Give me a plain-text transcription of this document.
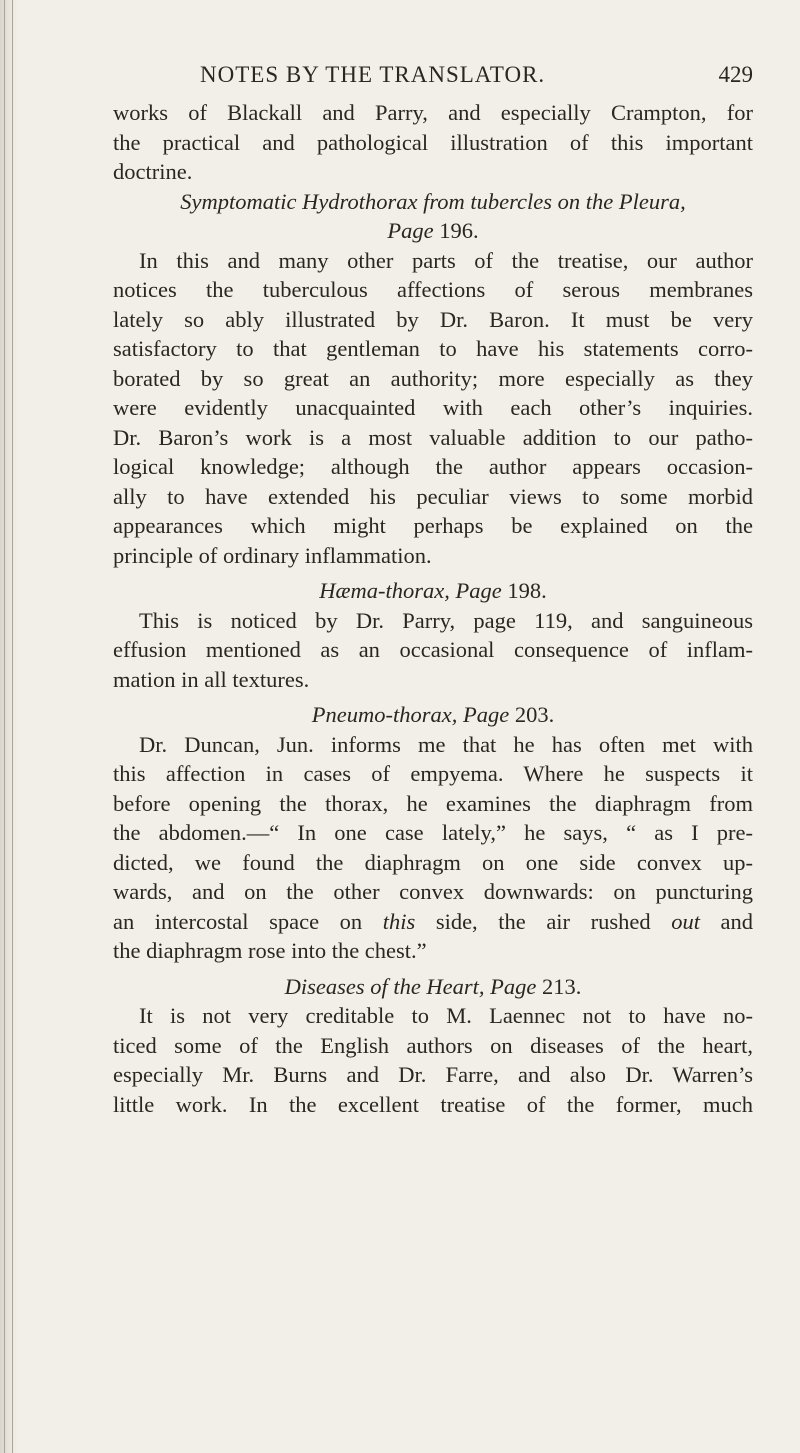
NOTES BY THE TRANSLATOR.	429

works of Blackall and Parry, and especially Crampton, for
the practical and pathological illustration of this important
doctrine.

Symptomatic Hydrothorax from tubercles on the Pleura,
Page 196.

In this and many other parts of the treatise, our author
notices the tuberculous affections of serous membranes
lately so ably illustrated by Dr. Baron. It must be very
satisfactory to that gentleman to have his statements corro-
borated by so great an authority; more especially as they
were evidently unacquainted with each other’s inquiries.
Dr. Baron’s work is a most valuable addition to our patho-
logical knowledge; although the author appears occasion-
ally to have extended his peculiar views to some morbid
appearances which might perhaps be explained on the
principle of ordinary inflammation.

Hæma-thorax, Page 198.

This is noticed by Dr. Parry, page 119, and sanguineous
effusion mentioned as an occasional consequence of inflam-
mation in all textures.

Pneumo-thorax, Page 203.

Dr. Duncan, Jun. informs me that he has often met with
this affection in cases of empyema. Where he suspects it
before opening the thorax, he examines the diaphragm from
the abdomen.—“ In one case lately,” he says, “ as I pre-
dicted, we found the diaphragm on one side convex up-
wards, and on the other convex downwards: on puncturing
an intercostal space on this side, the air rushed out and
the diaphragm rose into the chest.”

Diseases of the Heart, Page 213.

It is not very creditable to M. Laennec not to have no-
ticed some of the English authors on diseases of the heart,
especially Mr. Burns and Dr. Farre, and also Dr. Warren’s
little work. In the excellent treatise of the former, much
